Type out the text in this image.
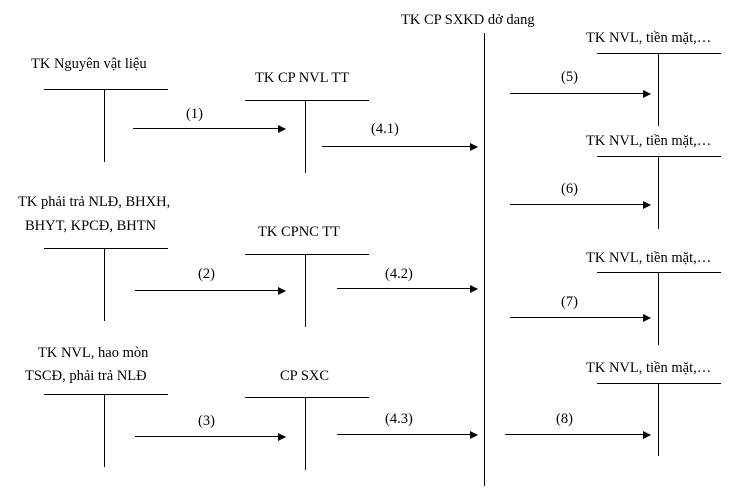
TK CP SXKD dở dang
TK Nguyên vật liệu
TK phải trả NLĐ, BHXH,
BHYT, KPCĐ, BHTN
TK NVL, hao mòn
TSCĐ, phải trả NLĐ
TK CP NVL TT
TK CPNC TT
CP SXC
TK NVL, tiền mặt,…
TK NVL, tiền mặt,…
TK NVL, tiền mặt,…
TK NVL, tiền mặt,…
(1)
(4.1)
(2)	(4.2)
(3)	(4.3)
(5)
(6)
(7)
(8)
